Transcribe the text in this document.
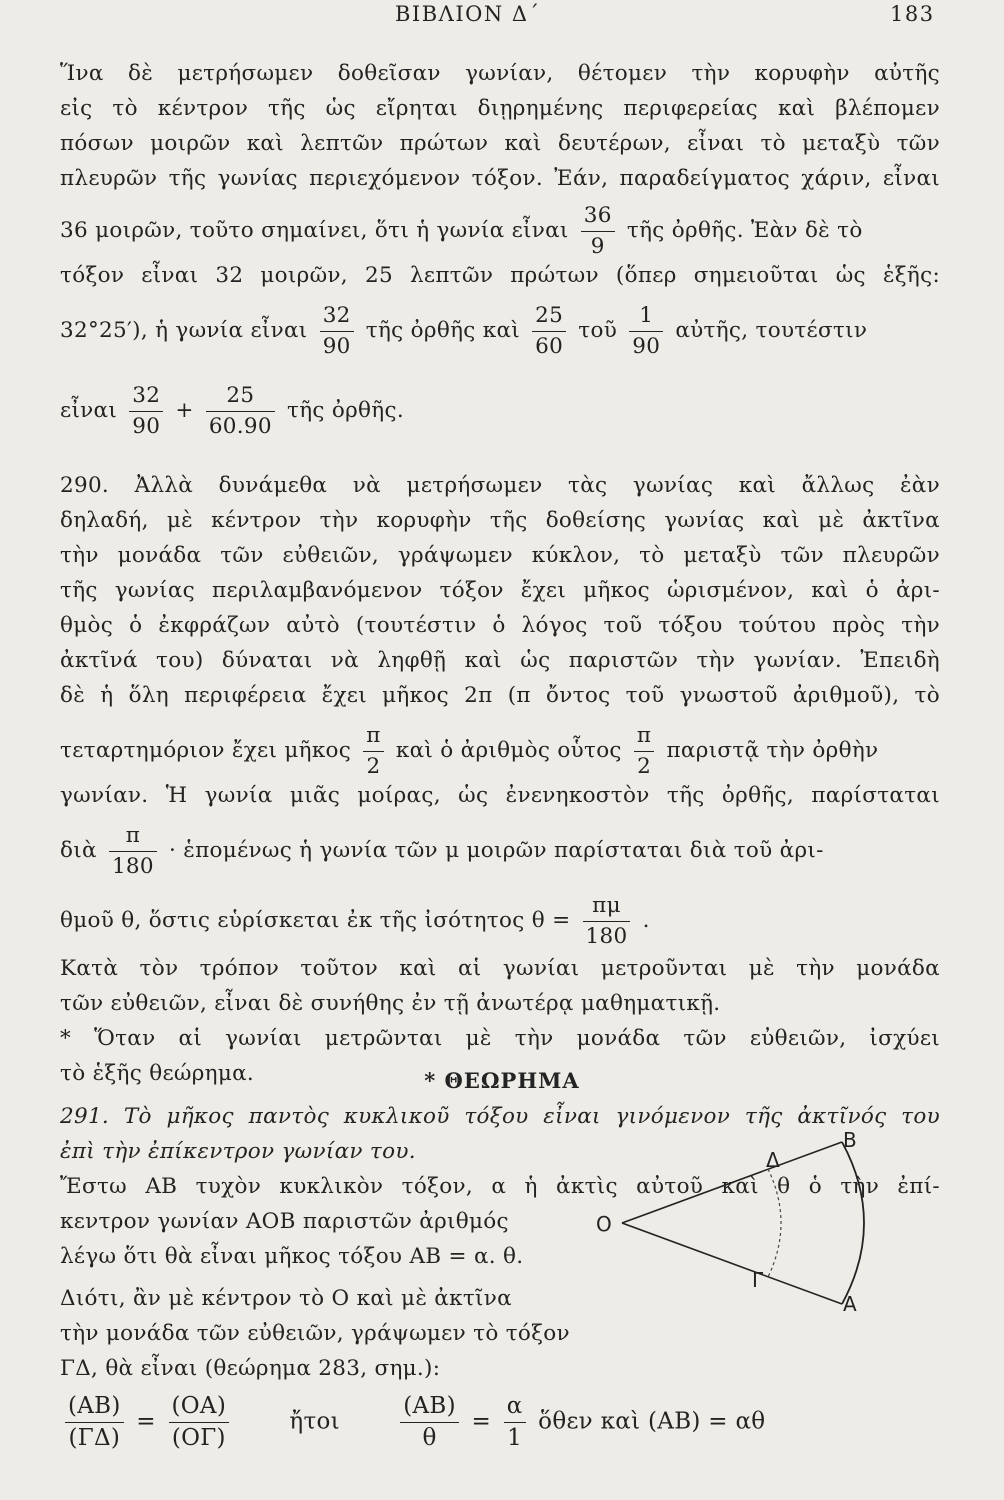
ΒΙΒΛΙΟΝ Δ΄	183
Ἵνα δὲ μετρήσωμεν δοθεῖσαν γωνίαν, θέτομεν τὴν κορυφὴν αὐτῆς
εἰς τὸ κέντρον τῆς ὡς εἴρηται διῃρημένης περιφερείας καὶ βλέπομεν
πόσων μοιρῶν καὶ λεπτῶν πρώτων καὶ δευτέρων, εἶναι τὸ μεταξὺ τῶν
πλευρῶν τῆς γωνίας περιεχόμενον τόξον. Ἐάν, παραδείγματος χάριν, εἶναι
36 μοιρῶν, τοῦτο σημαίνει, ὅτι ἡ γωνία εἶναι $\frac{36}{9}$ τῆς ὀρθῆς. Ἐὰν δὲ τὸ
τόξον εἶναι 32 μοιρῶν, 25 λεπτῶν πρώτων (ὅπερ σημειοῦται ὡς ἑξῆς:
32°25′), ἡ γωνία εἶναι $\frac{32}{90}$ τῆς ὀρθῆς καὶ $\frac{25}{60}$ τοῦ $\frac{1}{90}$ αὐτῆς, τουτέστιν
εἶναι $\frac{32}{90} + \frac{25}{60.90}$ τῆς ὀρθῆς.
290. Ἀλλὰ δυνάμεθα νὰ μετρήσωμεν τὰς γωνίας καὶ ἄλλως ἐὰν
δηλαδή, μὲ κέντρον τὴν κορυφὴν τῆς δοθείσης γωνίας καὶ μὲ ἀκτῖνα
τὴν μονάδα τῶν εὐθειῶν, γράψωμεν κύκλον, τὸ μεταξὺ τῶν πλευρῶν
τῆς γωνίας περιλαμβανόμενον τόξον ἔχει μῆκος ὡρισμένον, καὶ ὁ ἀρι-
θμὸς ὁ ἐκφράζων αὐτὸ (τουτέστιν ὁ λόγος τοῦ τόξου τούτου πρὸς τὴν
ἀκτῖνά του) δύναται νὰ ληφθῇ καὶ ὡς παριστῶν τὴν γωνίαν. Ἐπειδὴ
δὲ ἡ ὅλη περιφέρεια ἔχει μῆκος 2π (π ὄντος τοῦ γνωστοῦ ἀριθμοῦ), τὸ
τεταρτημόριον ἔχει μῆκος $\frac{\pi}{2}$ καὶ ὁ ἀριθμὸς οὗτος $\frac{\pi}{2}$ παριστᾷ τὴν ὀρθὴν
γωνίαν. Ἡ γωνία μιᾶς μοίρας, ὡς ἐνενηκοστὸν τῆς ὀρθῆς, παρίσταται
διὰ $\frac{\pi}{180}$ · ἑπομένως ἡ γωνία τῶν μ μοιρῶν παρίσταται διὰ τοῦ ἀρι-
θμοῦ θ, ὅστις εὑρίσκεται ἐκ τῆς ἰσότητος $\theta = \frac{\pi\mu}{180}$ .
Κατὰ τὸν τρόπον τοῦτον καὶ αἱ γωνίαι μετροῦνται μὲ τὴν μονάδα
τῶν εὐθειῶν, εἶναι δὲ συνήθης ἐν τῇ ἀνωτέρᾳ μαθηματικῇ.
* Ὅταν αἱ γωνίαι μετρῶνται μὲ τὴν μονάδα τῶν εὐθειῶν, ἰσχύει
τὸ ἑξῆς θεώρημα.	* ΘΕΩΡΗΜΑ
291. Τὸ μῆκος παντὸς κυκλικοῦ τόξου εἶναι γινόμενον τῆς ἀκτῖνός του
ἐπὶ τὴν ἐπίκεντρον γωνίαν του.
Ἔστω ΑΒ τυχὸν κυκλικὸν τόξον, α ἡ ἀκτὶς αὐτοῦ καὶ θ ὁ τὴν ἐπί-
κεντρον γωνίαν ΑΟΒ παριστῶν ἀριθμός
λέγω ὅτι θὰ εἶναι μῆκος τόξου ΑΒ = α. θ.
Διότι, ἂν μὲ κέντρον τὸ Ο καὶ μὲ ἀκτῖνα
τὴν μονάδα τῶν εὐθειῶν, γράψωμεν τὸ τόξον
ΓΔ, θὰ εἶναι (θεώρημα 283, σημ.):
$\frac{(AB)}{(\Gamma\Delta)} = \frac{(OA)}{(O\Gamma)}$	ἤτοι	$\frac{(AB)}{\theta} = \frac{\alpha}{1}$ ὅθεν καὶ (ΑΒ) = αθ
Ο
Α
Β
Γ
Δ
